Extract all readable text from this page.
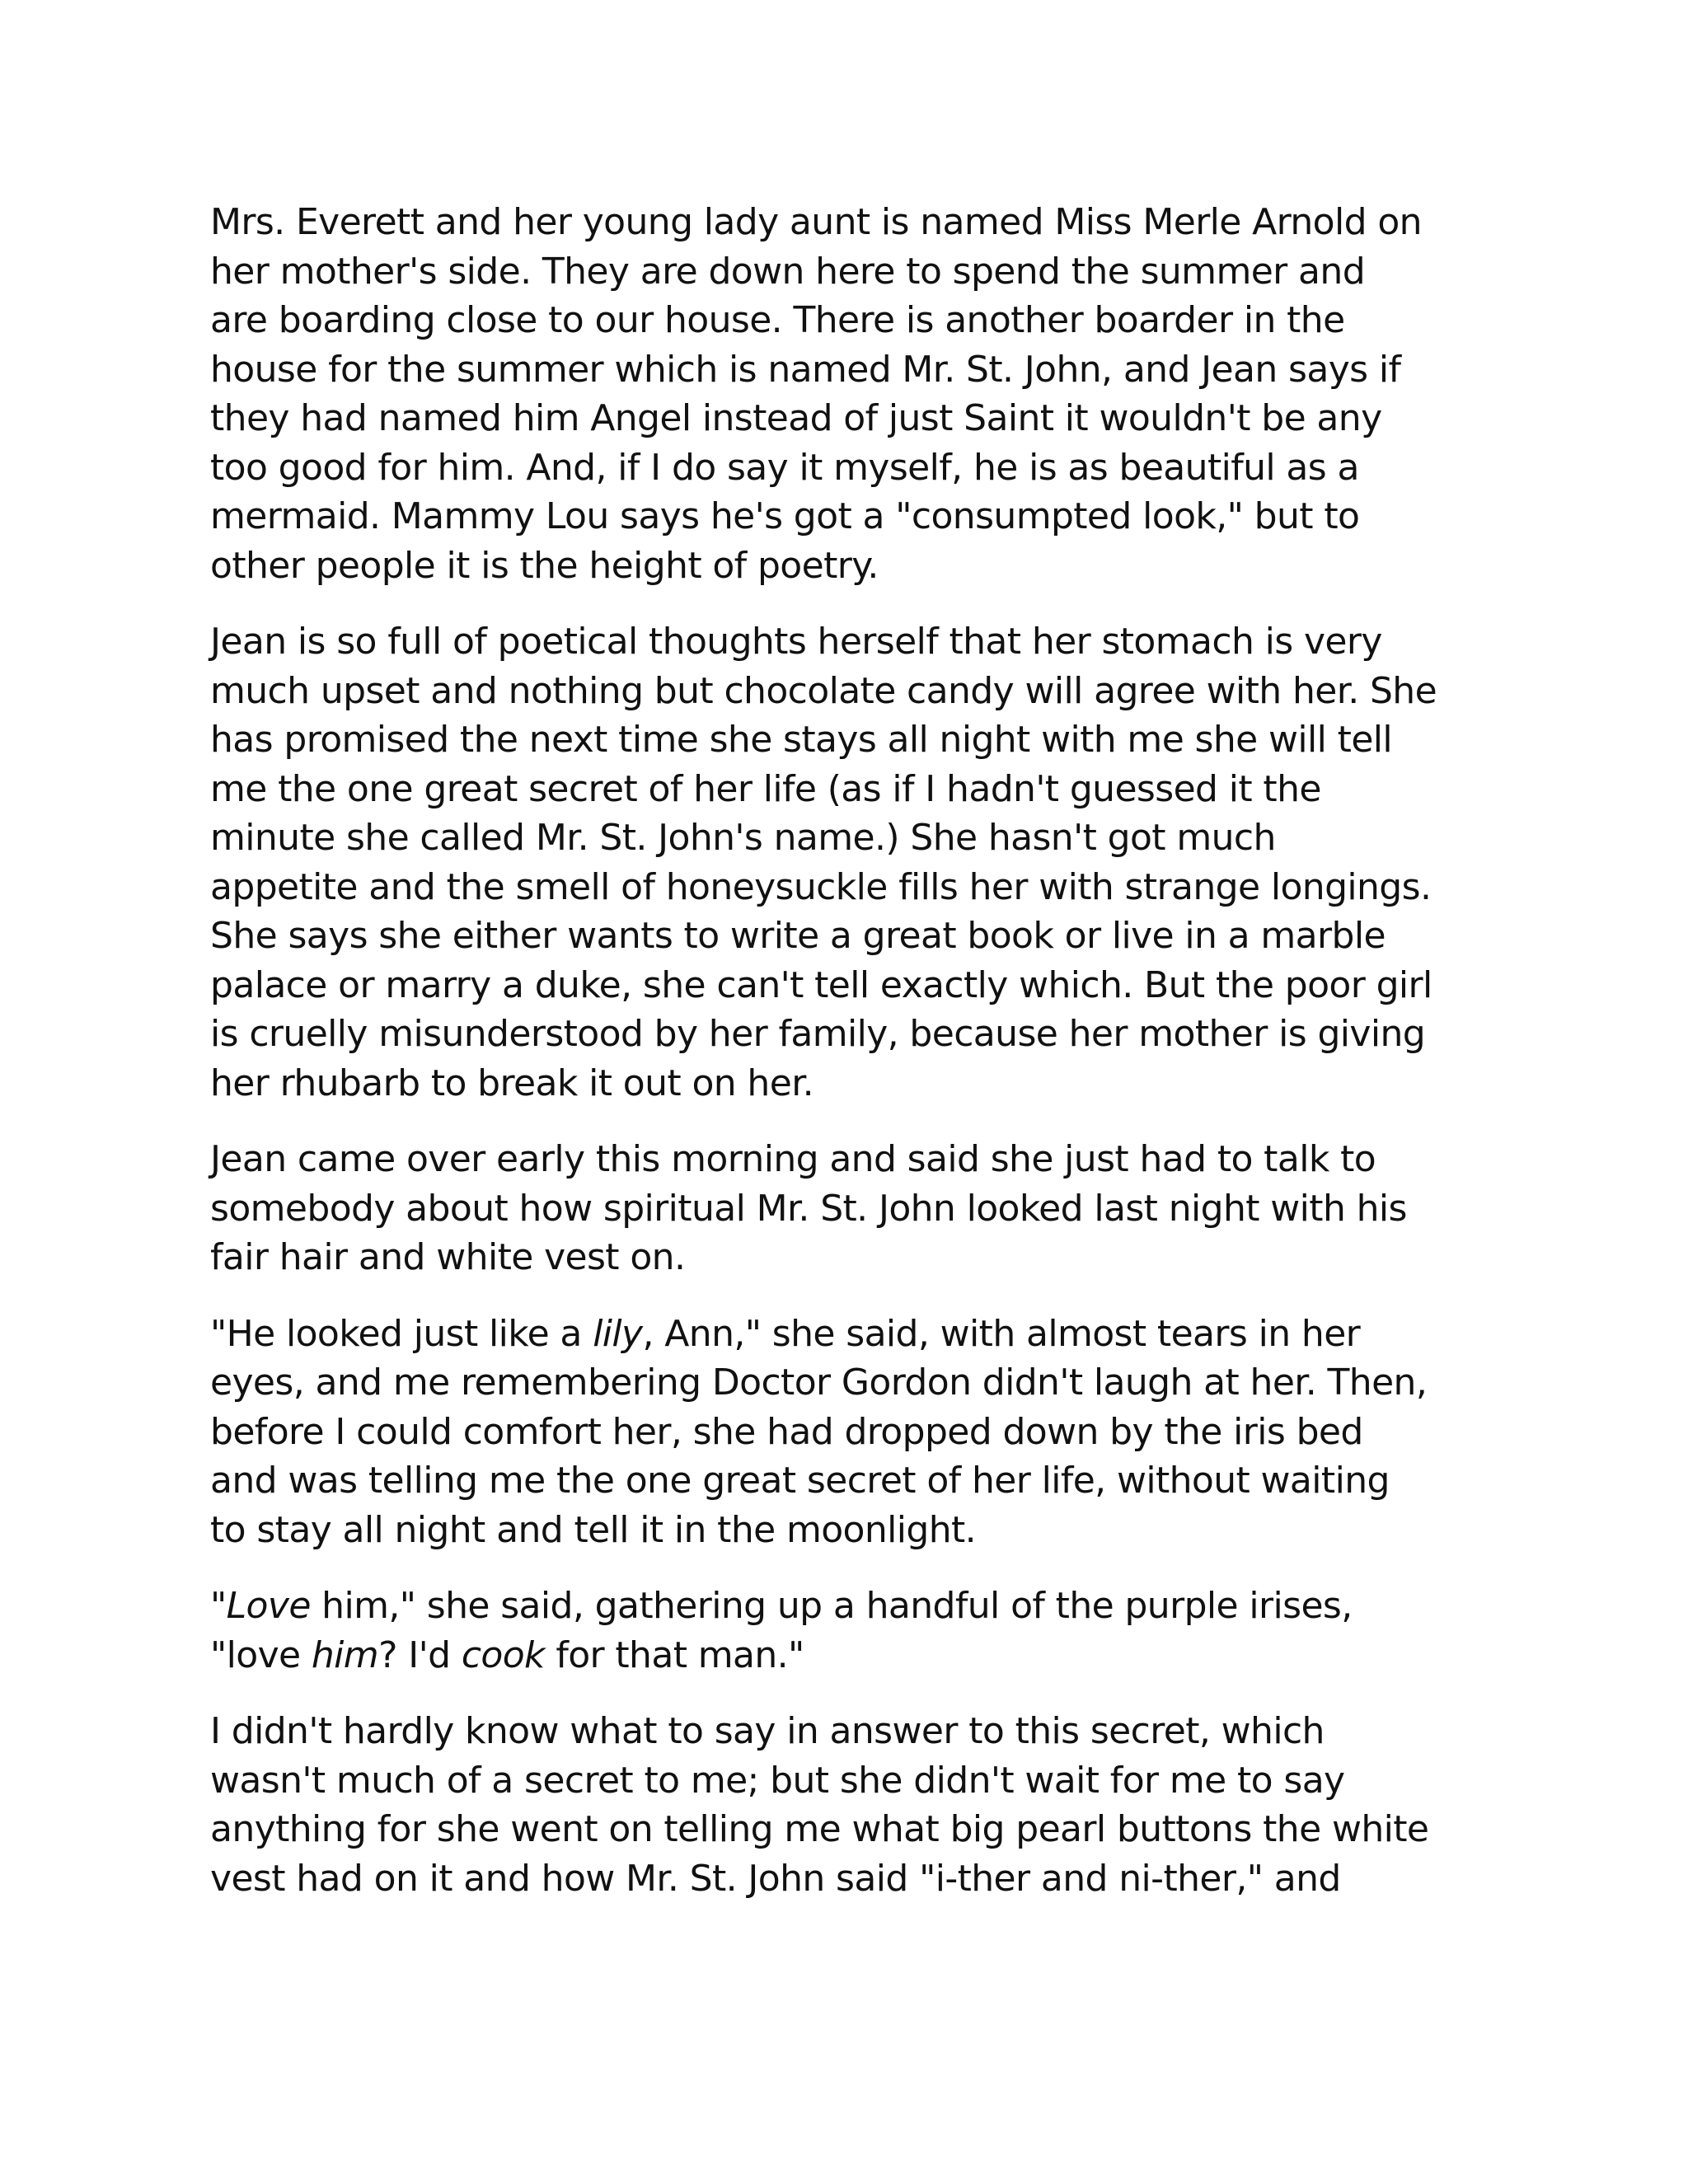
Mrs. Everett and her young lady aunt is named Miss Merle Arnold on
her mother's side. They are down here to spend the summer and
are boarding close to our house. There is another boarder in the
house for the summer which is named Mr. St. John, and Jean says if
they had named him Angel instead of just Saint it wouldn't be any
too good for him. And, if I do say it myself, he is as beautiful as a
mermaid. Mammy Lou says he's got a "consumpted look," but to
other people it is the height of poetry.

Jean is so full of poetical thoughts herself that her stomach is very
much upset and nothing but chocolate candy will agree with her. She
has promised the next time she stays all night with me she will tell
me the one great secret of her life (as if I hadn't guessed it the
minute she called Mr. St. John's name.) She hasn't got much
appetite and the smell of honeysuckle fills her with strange longings.
She says she either wants to write a great book or live in a marble
palace or marry a duke, she can't tell exactly which. But the poor girl
is cruelly misunderstood by her family, because her mother is giving
her rhubarb to break it out on her.

Jean came over early this morning and said she just had to talk to
somebody about how spiritual Mr. St. John looked last night with his
fair hair and white vest on.

"He looked just like a lily, Ann," she said, with almost tears in her
eyes, and me remembering Doctor Gordon didn't laugh at her. Then,
before I could comfort her, she had dropped down by the iris bed
and was telling me the one great secret of her life, without waiting
to stay all night and tell it in the moonlight.

"Love him," she said, gathering up a handful of the purple irises,
"love him? I'd cook for that man."

I didn't hardly know what to say in answer to this secret, which
wasn't much of a secret to me; but she didn't wait for me to say
anything for she went on telling me what big pearl buttons the white
vest had on it and how Mr. St. John said "i-ther and ni-ther," and
